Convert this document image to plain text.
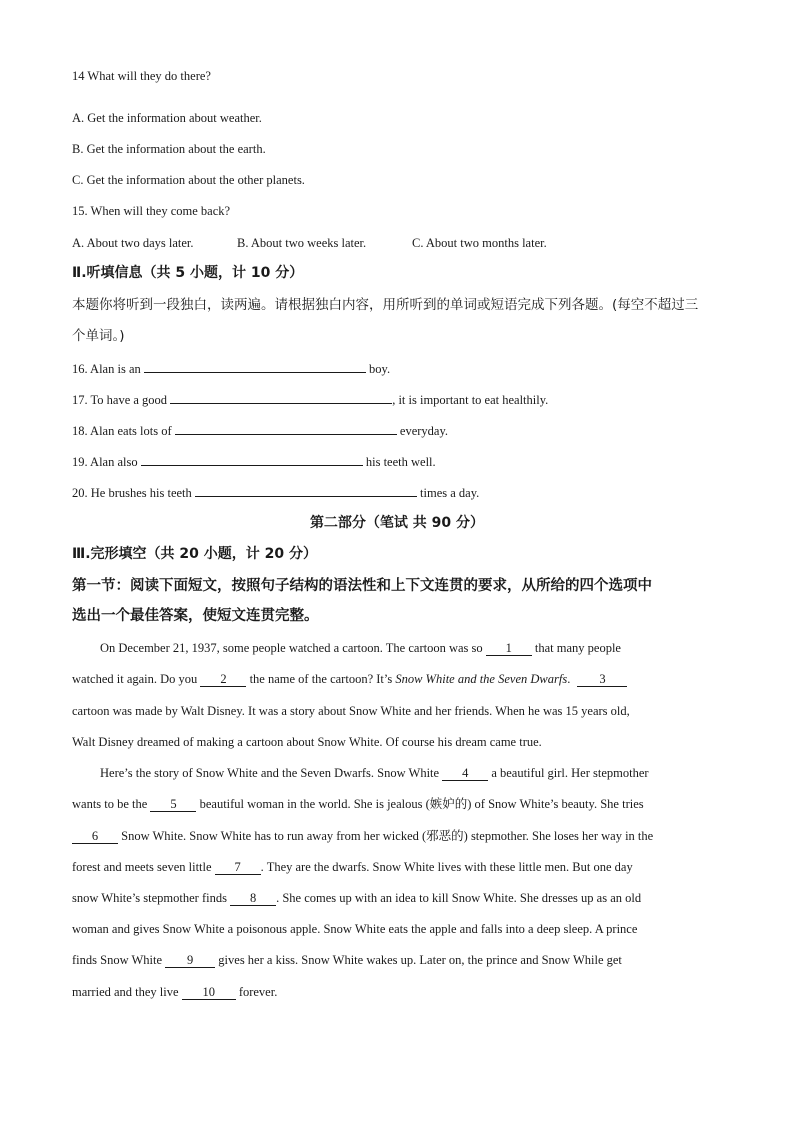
14 What will they do there?
A. Get the information about weather.
B. Get the information about the earth.
C. Get the information about the other planets.
15. When will they come back?
A. About two days later.	B. About two weeks later.	C. About two months later.
Ⅱ.听填信息（共 5 小题，计 10 分）
本题你将听到一段独白，读两遍。请根据独白内容，用所听到的单词或短语完成下列各题。(每空不超过三
个单词。)
16. Alan is an	boy.
17. To have a good	, it is important to eat healthily.
18. Alan eats lots of	everyday.
19. Alan also	his teeth well.
20. He brushes his teeth	times a day.
第二部分（笔试 共 90 分）
Ⅲ.完形填空（共 20 小题，计 20 分）
第一节：阅读下面短文，按照句子结构的语法性和上下文连贯的要求，从所给的四个选项中
选出一个最佳答案，使短文连贯完整。
On December 21, 1937, some people watched a cartoon. The cartoon was so 1 that many people
watched it again. Do you 2 the name of the cartoon? It’s Snow White and the Seven Dwarfs. 3
cartoon was made by Walt Disney. It was a story about Snow White and her friends. When he was 15 years old,
Walt Disney dreamed of making a cartoon about Snow White. Of course his dream came true.
Here’s the story of Snow White and the Seven Dwarfs. Snow White 4 a beautiful girl. Her stepmother
wants to be the 5 beautiful woman in the world. She is jealous (嫉妒的) of Snow White’s beauty. She tries
6 Snow White. Snow White has to run away from her wicked (邪恶的) stepmother. She loses her way in the
forest and meets seven little 7 . They are the dwarfs. Snow White lives with these little men. But one day
snow White’s stepmother finds 8 . She comes up with an idea to kill Snow White. She dresses up as an old
woman and gives Snow White a poisonous apple. Snow White eats the apple and falls into a deep sleep. A prince
finds Snow White 9 gives her a kiss. Snow White wakes up. Later on, the prince and Snow While get
married and they live 10 forever.
